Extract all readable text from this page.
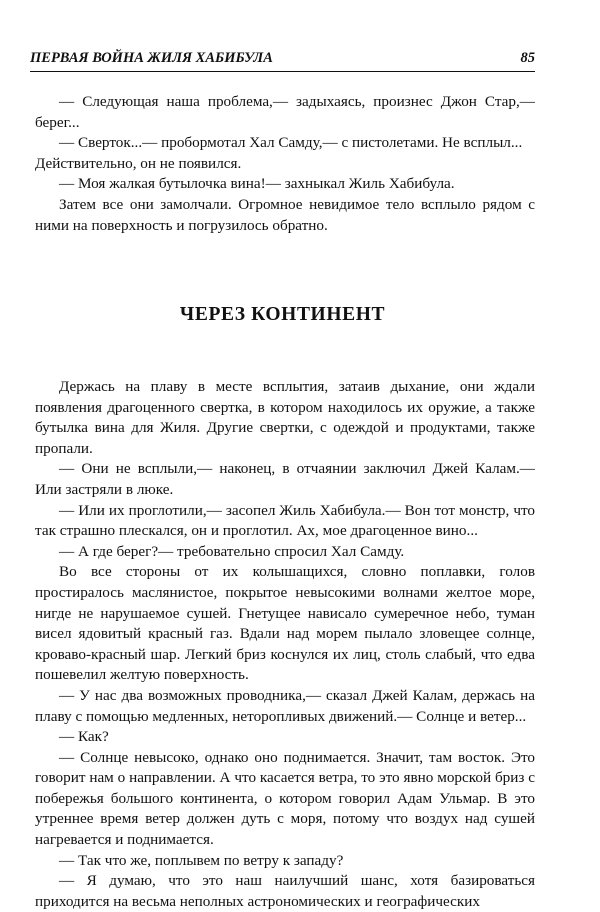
ПЕРВАЯ ВОЙНА ЖИЛЯ ХАБИБУЛА	85

— Следующая наша проблема,— задыхаясь, произнес Джон Стар,— берег...

— Сверток...— пробормотал Хал Самду,— с пистолетами. Не всплыл...

Действительно, он не появился.

— Моя жалкая бутылочка вина!— захныкал Жиль Хабибула.

Затем все они замолчали. Огромное невидимое тело всплыло рядом с ними на поверхность и погрузилось обратно.

ЧЕРЕЗ КОНТИНЕНТ

Держась на плаву в месте всплытия, затаив дыхание, они ждали появления драгоценного свертка, в котором находилось их оружие, а также бутылка вина для Жиля. Другие свертки, с одеждой и продуктами, также пропали.

— Они не всплыли,— наконец, в отчаянии заключил Джей Калам.— Или застряли в люке.

— Или их проглотили,— засопел Жиль Хабибула.— Вон тот монстр, что так страшно плескался, он и проглотил. Ах, мое драгоценное вино...

— А где берег?— требовательно спросил Хал Самду.

Во все стороны от их колышащихся, словно поплавки, голов простиралось маслянистое, покрытое невысокими волнами желтое море, нигде не нарушаемое сушей. Гнетущее нависало сумеречное небо, туман висел ядовитый красный газ. Вдали над морем пылало зловещее солнце, кроваво-красный шар. Легкий бриз коснулся их лиц, столь слабый, что едва пошевелил желтую поверхность.

— У нас два возможных проводника,— сказал Джей Калам, держась на плаву с помощью медленных, неторопливых движений.— Солнце и ветер...

— Как?

— Солнце невысоко, однако оно поднимается. Значит, там восток. Это говорит нам о направлении. А что касается ветра, то это явно морской бриз с побережья большого континента, о котором говорил Адам Ульмар. В это утреннее время ветер должен дуть с моря, потому что воздух над сушей нагревается и поднимается.

— Так что же, поплывем по ветру к западу?

— Я думаю, что это наш наилучший шанс, хотя базироваться приходится на весьма неполных астрономических и географических
